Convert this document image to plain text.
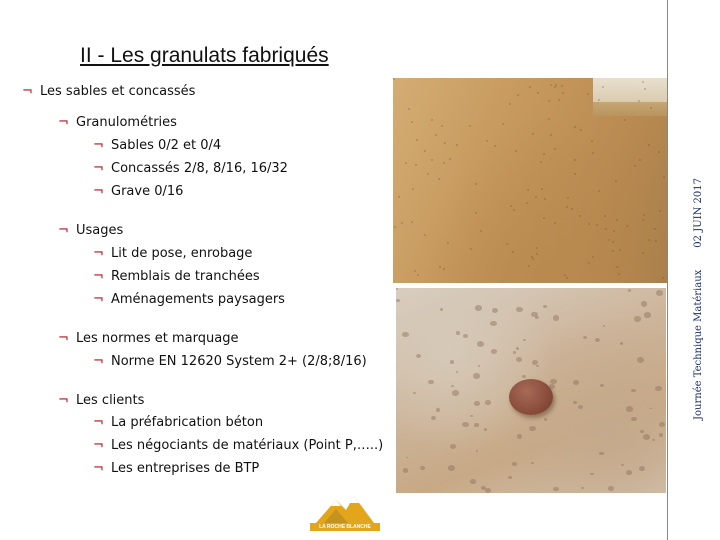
II - Les granulats fabriqués
¬ Les sables et concassés
¬ Granulométries
¬ Sables 0/2 et 0/4
¬ Concassés 2/8, 8/16, 16/32
¬ Grave 0/16
¬ Usages
¬ Lit de pose, enrobage
¬ Remblais de tranchées
¬ Aménagements paysagers
¬ Les normes et marquage
¬ Norme EN 12620 System 2+ (2/8;8/16)
¬ Les clients
¬ La préfabrication béton
¬ Les négociants de matériaux (Point P,…..)
¬ Les entreprises de BTP
Journée Technique Matériaux02 JUIN 2017
LA ROCHE BLANCHE
